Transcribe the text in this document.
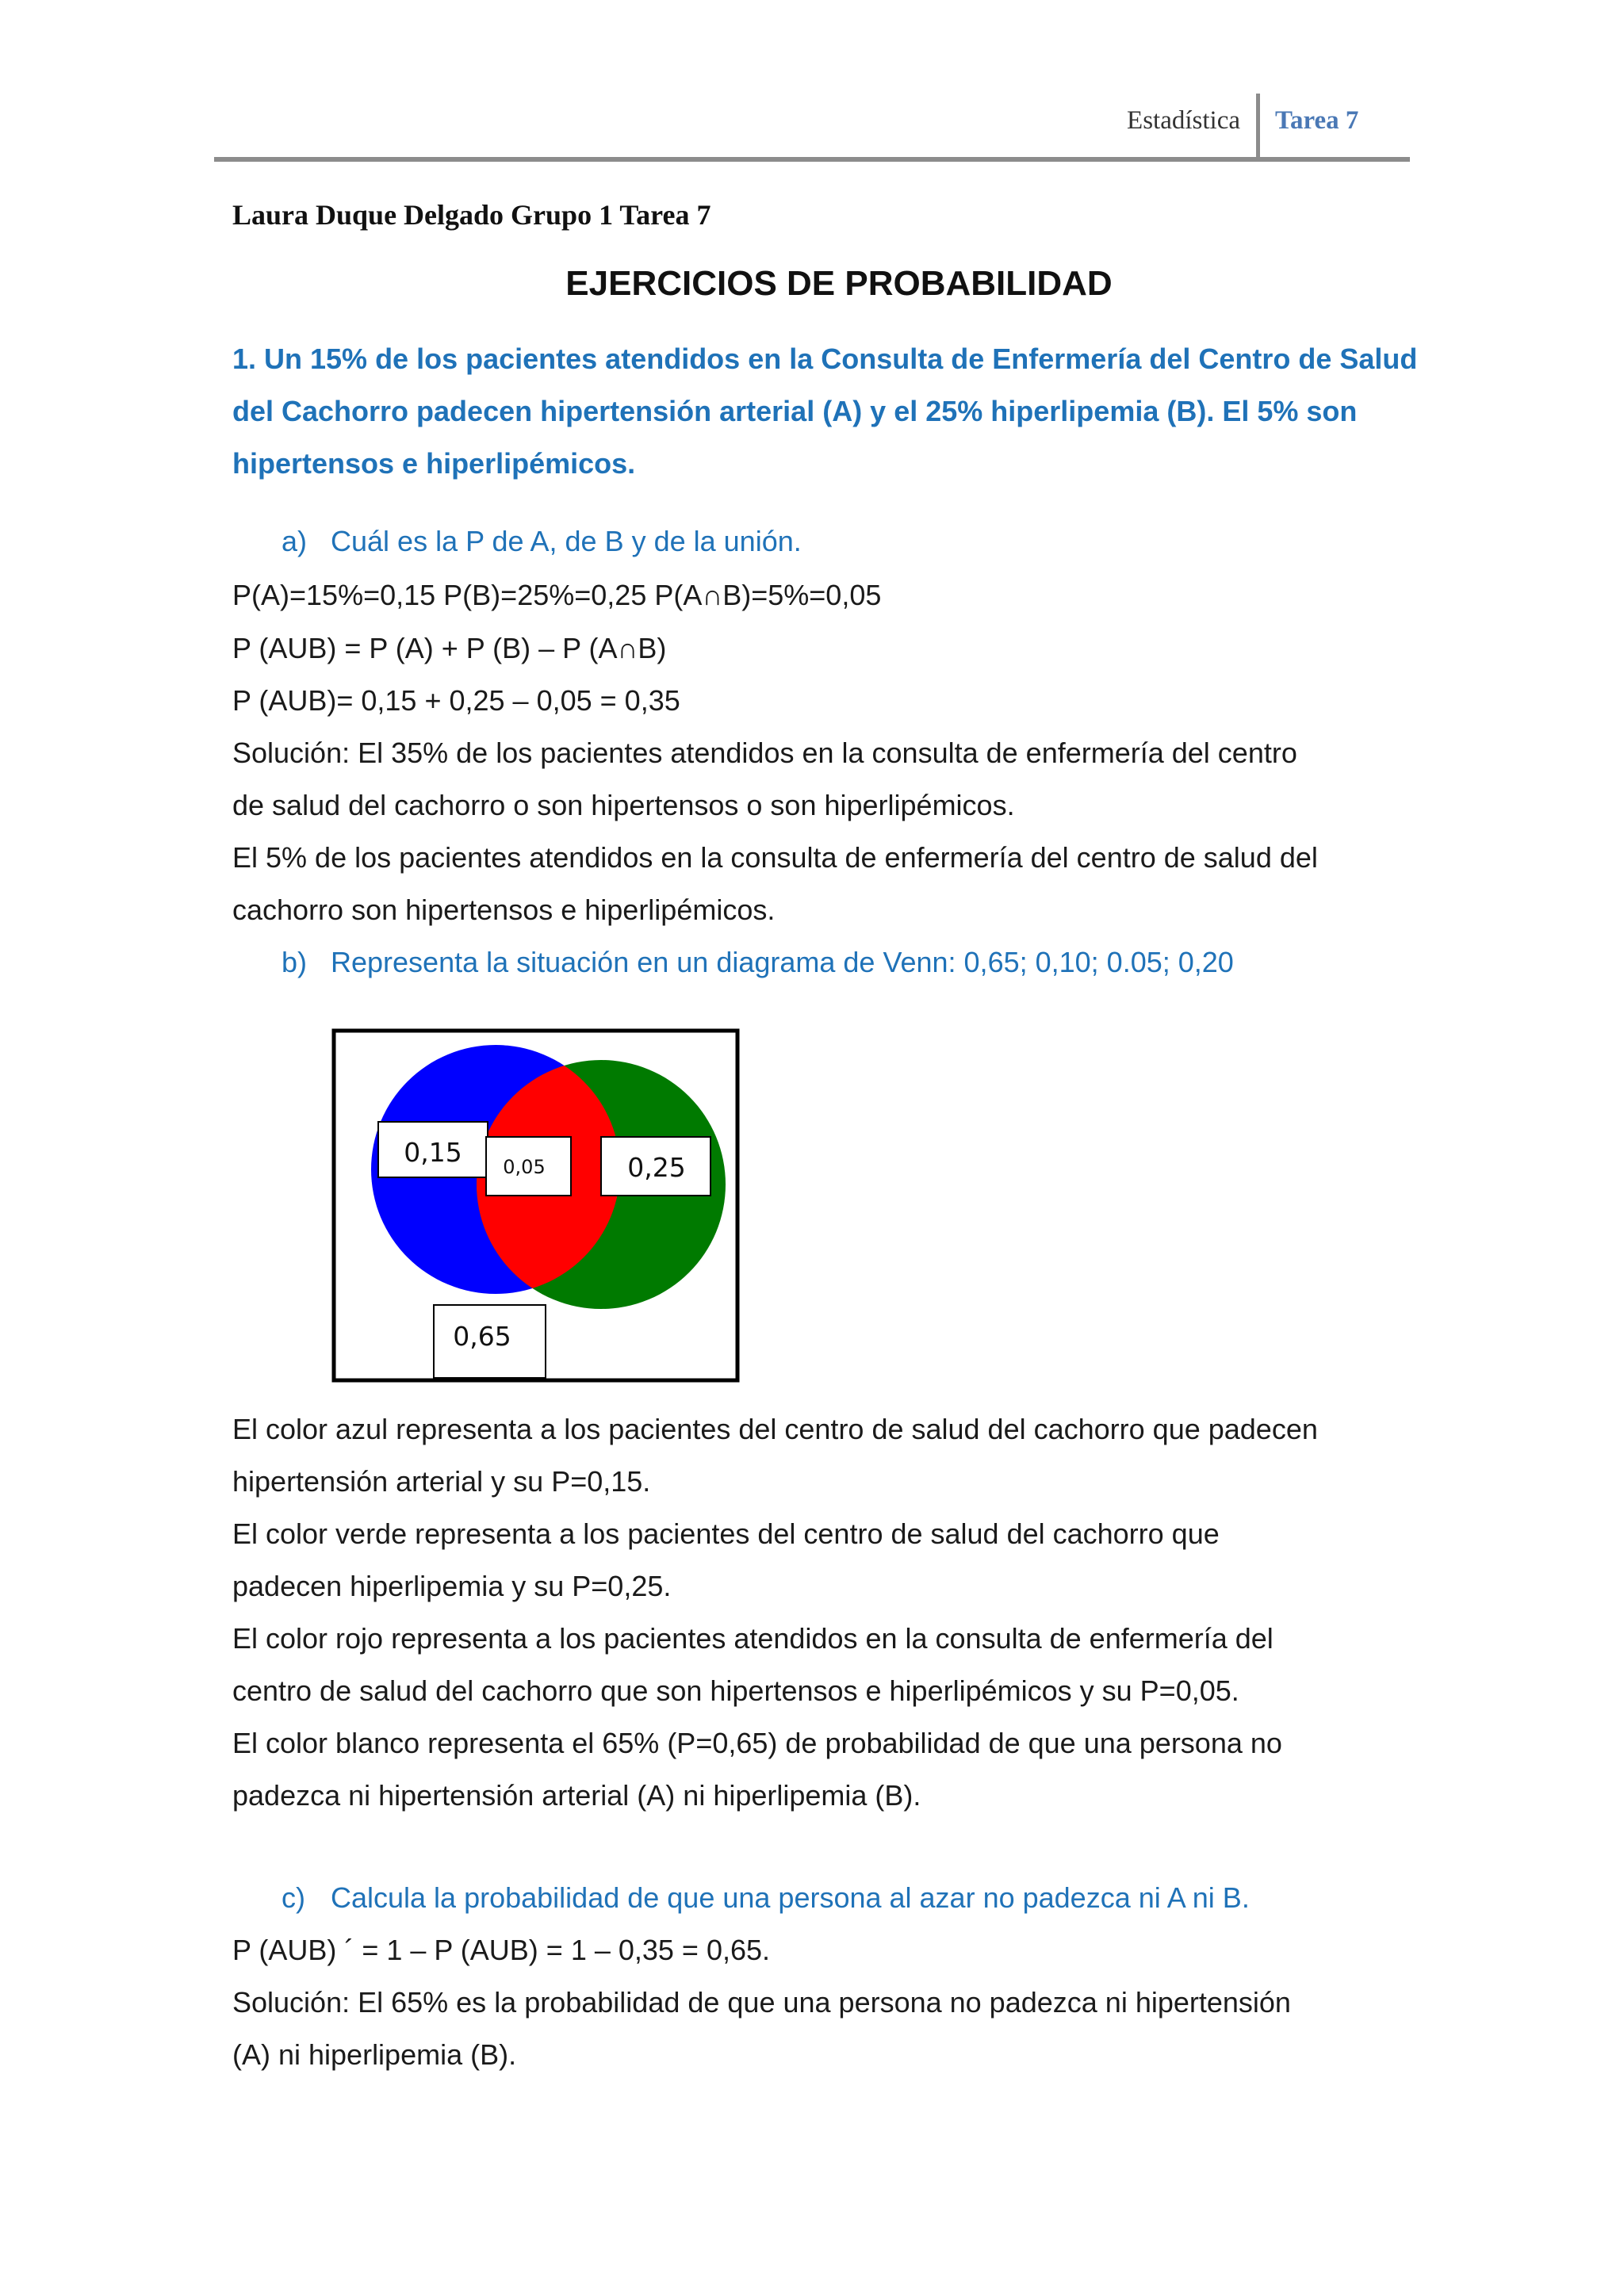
Estadística Tarea 7
Laura Duque Delgado Grupo 1 Tarea 7
EJERCICIOS DE PROBABILIDAD
1. Un 15% de los pacientes atendidos en la Consulta de Enfermería del Centro de Salud del Cachorro padecen hipertensión arterial (A) y el 25% hiperlipemia (B). El 5% son hipertensos e hiperlipémicos.
a) Cuál es la P de A, de B y de la unión.
P(A)=15%=0,15 P(B)=25%=0,25 P(A∩B)=5%=0,05
P (AUB) = P (A) + P (B) – P (A∩B)
P (AUB)= 0,15 + 0,25 – 0,05 = 0,35
Solución: El 35% de los pacientes atendidos en la consulta de enfermería del centro
de salud del cachorro o son hipertensos o son hiperlipémicos.
El 5% de los pacientes atendidos en la consulta de enfermería del centro de salud del
cachorro son hipertensos e hiperlipémicos.
b) Representa la situación en un diagrama de Venn: 0,65; 0,10; 0.05; 0,20
0,15 0,05	0,25
0,65
El color azul representa a los pacientes del centro de salud del cachorro que padecen
hipertensión arterial y su P=0,15.
El color verde representa a los pacientes del centro de salud del cachorro que
padecen hiperlipemia y su P=0,25.
El color rojo representa a los pacientes atendidos en la consulta de enfermería del
centro de salud del cachorro que son hipertensos e hiperlipémicos y su P=0,05.
El color blanco representa el 65% (P=0,65) de probabilidad de que una persona no
padezca ni hipertensión arterial (A) ni hiperlipemia (B).
c) Calcula la probabilidad de que una persona al azar no padezca ni A ni B.
P (AUB) ´ = 1 – P (AUB) = 1 – 0,35 = 0,65.
Solución: El 65% es la probabilidad de que una persona no padezca ni hipertensión
(A) ni hiperlipemia (B).
